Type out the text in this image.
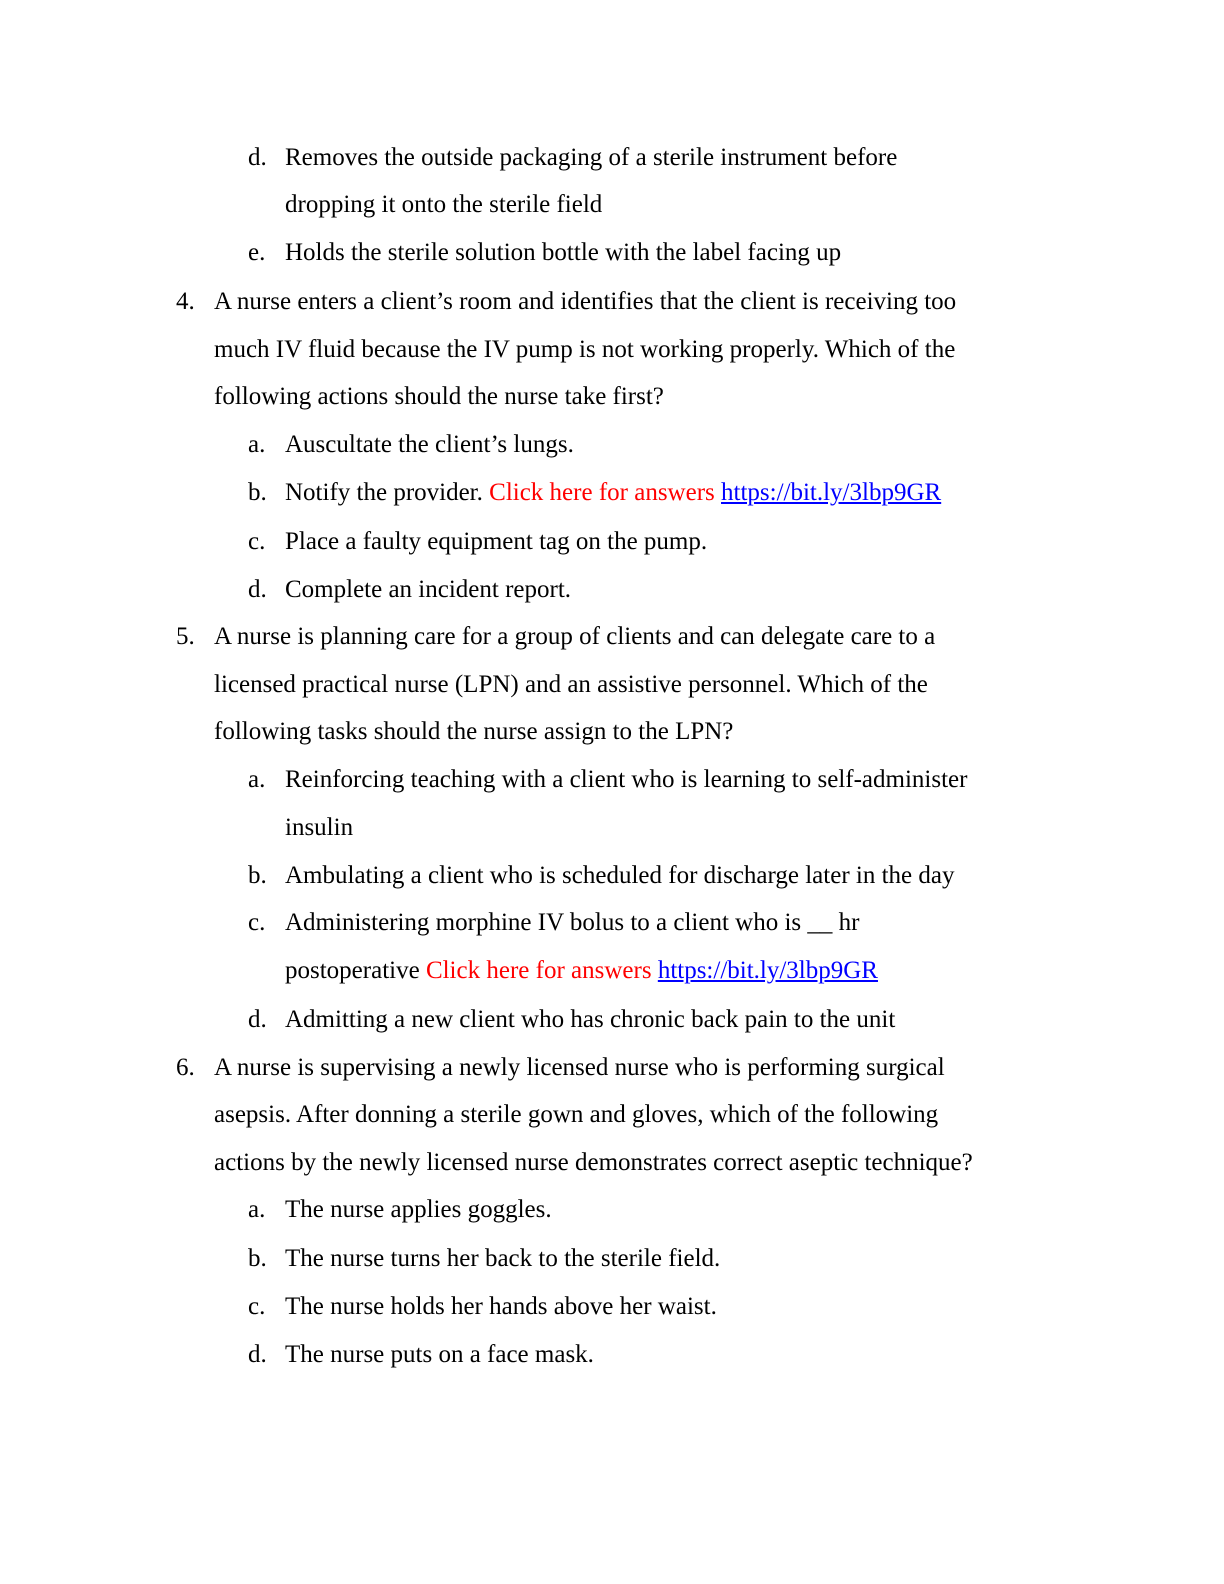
d. Removes the outside packaging of a sterile instrument before
dropping it onto the sterile field
e. Holds the sterile solution bottle with the label facing up
4. A nurse enters a client’s room and identifies that the client is receiving too
much IV fluid because the IV pump is not working properly. Which of the
following actions should the nurse take first?
a. Auscultate the client’s lungs.
b. Notify the provider. Click here for answers https://bit.ly/3lbp9GR
c. Place a faulty equipment tag on the pump.
d. Complete an incident report.
5. A nurse is planning care for a group of clients and can delegate care to a
licensed practical nurse (LPN) and an assistive personnel. Which of the
following tasks should the nurse assign to the LPN?
a. Reinforcing teaching with a client who is learning to self-administer
insulin
b. Ambulating a client who is scheduled for discharge later in the day
c. Administering morphine IV bolus to a client who is __ hr
postoperative Click here for answers https://bit.ly/3lbp9GR
d. Admitting a new client who has chronic back pain to the unit
6. A nurse is supervising a newly licensed nurse who is performing surgical
asepsis. After donning a sterile gown and gloves, which of the following
actions by the newly licensed nurse demonstrates correct aseptic technique?
a. The nurse applies goggles.
b. The nurse turns her back to the sterile field.
c. The nurse holds her hands above her waist.
d. The nurse puts on a face mask.
